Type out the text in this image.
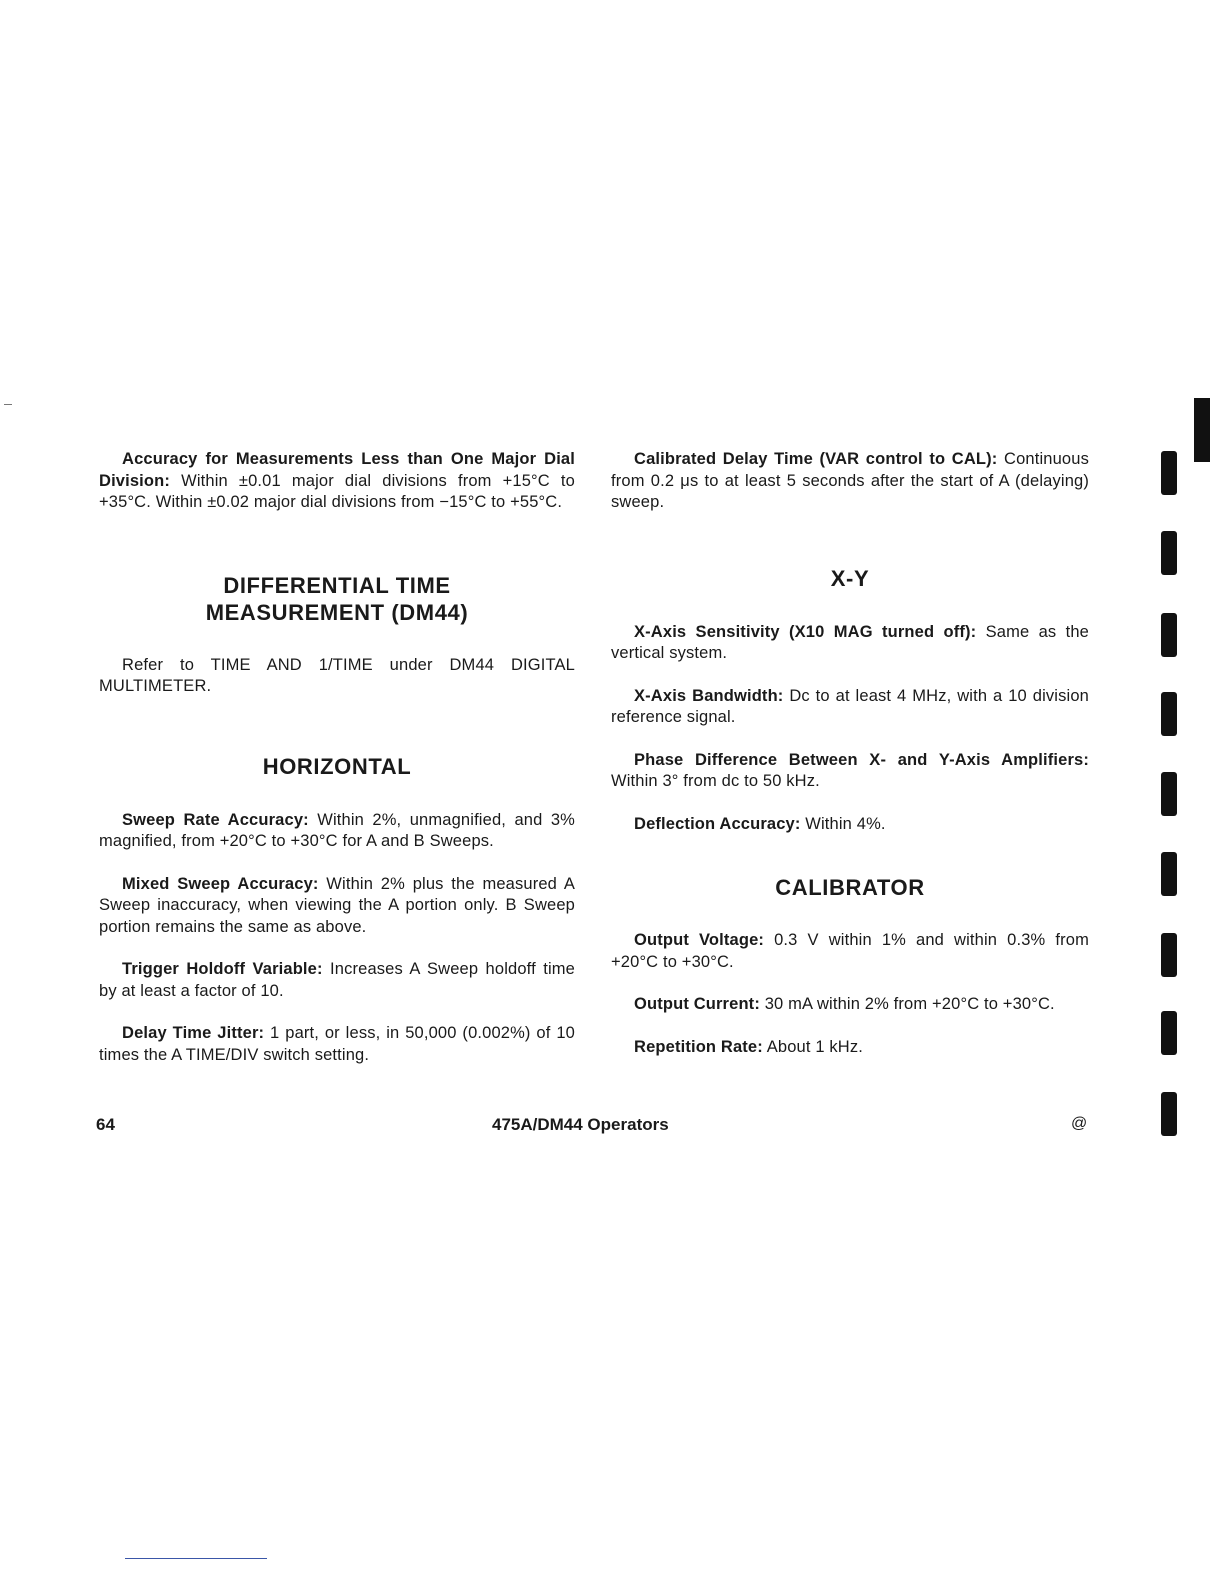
Accuracy for Measurements Less than One Major Dial Division: Within ±0.01 major dial divisions from +15°C to +35°C. Within ±0.02 major dial divisions from −15°C to +55°C.

DIFFERENTIAL TIME
MEASUREMENT (DM44)

Refer to TIME AND 1/TIME under DM44 DIGITAL MULTIMETER.

HORIZONTAL

Sweep Rate Accuracy: Within 2%, unmagnified, and 3% magnified, from +20°C to +30°C for A and B Sweeps.

Mixed Sweep Accuracy: Within 2% plus the measured A Sweep inaccuracy, when viewing the A portion only. B Sweep portion remains the same as above.

Trigger Holdoff Variable: Increases A Sweep holdoff time by at least a factor of 10.

Delay Time Jitter: 1 part, or less, in 50,000 (0.002%) of 10 times the A TIME/DIV switch setting.

Calibrated Delay Time (VAR control to CAL): Continuous from 0.2 μs to at least 5 seconds after the start of A (delaying) sweep.

X-Y

X-Axis Sensitivity (X10 MAG turned off): Same as the vertical system.

X-Axis Bandwidth: Dc to at least 4 MHz, with a 10 division reference signal.

Phase Difference Between X- and Y-Axis Amplifiers: Within 3° from dc to 50 kHz.

Deflection Accuracy: Within 4%.

CALIBRATOR

Output Voltage: 0.3 V within 1% and within 0.3% from +20°C to +30°C.

Output Current: 30 mA within 2% from +20°C to +30°C.

Repetition Rate: About 1 kHz.

64	475A/DM44 Operators	@
